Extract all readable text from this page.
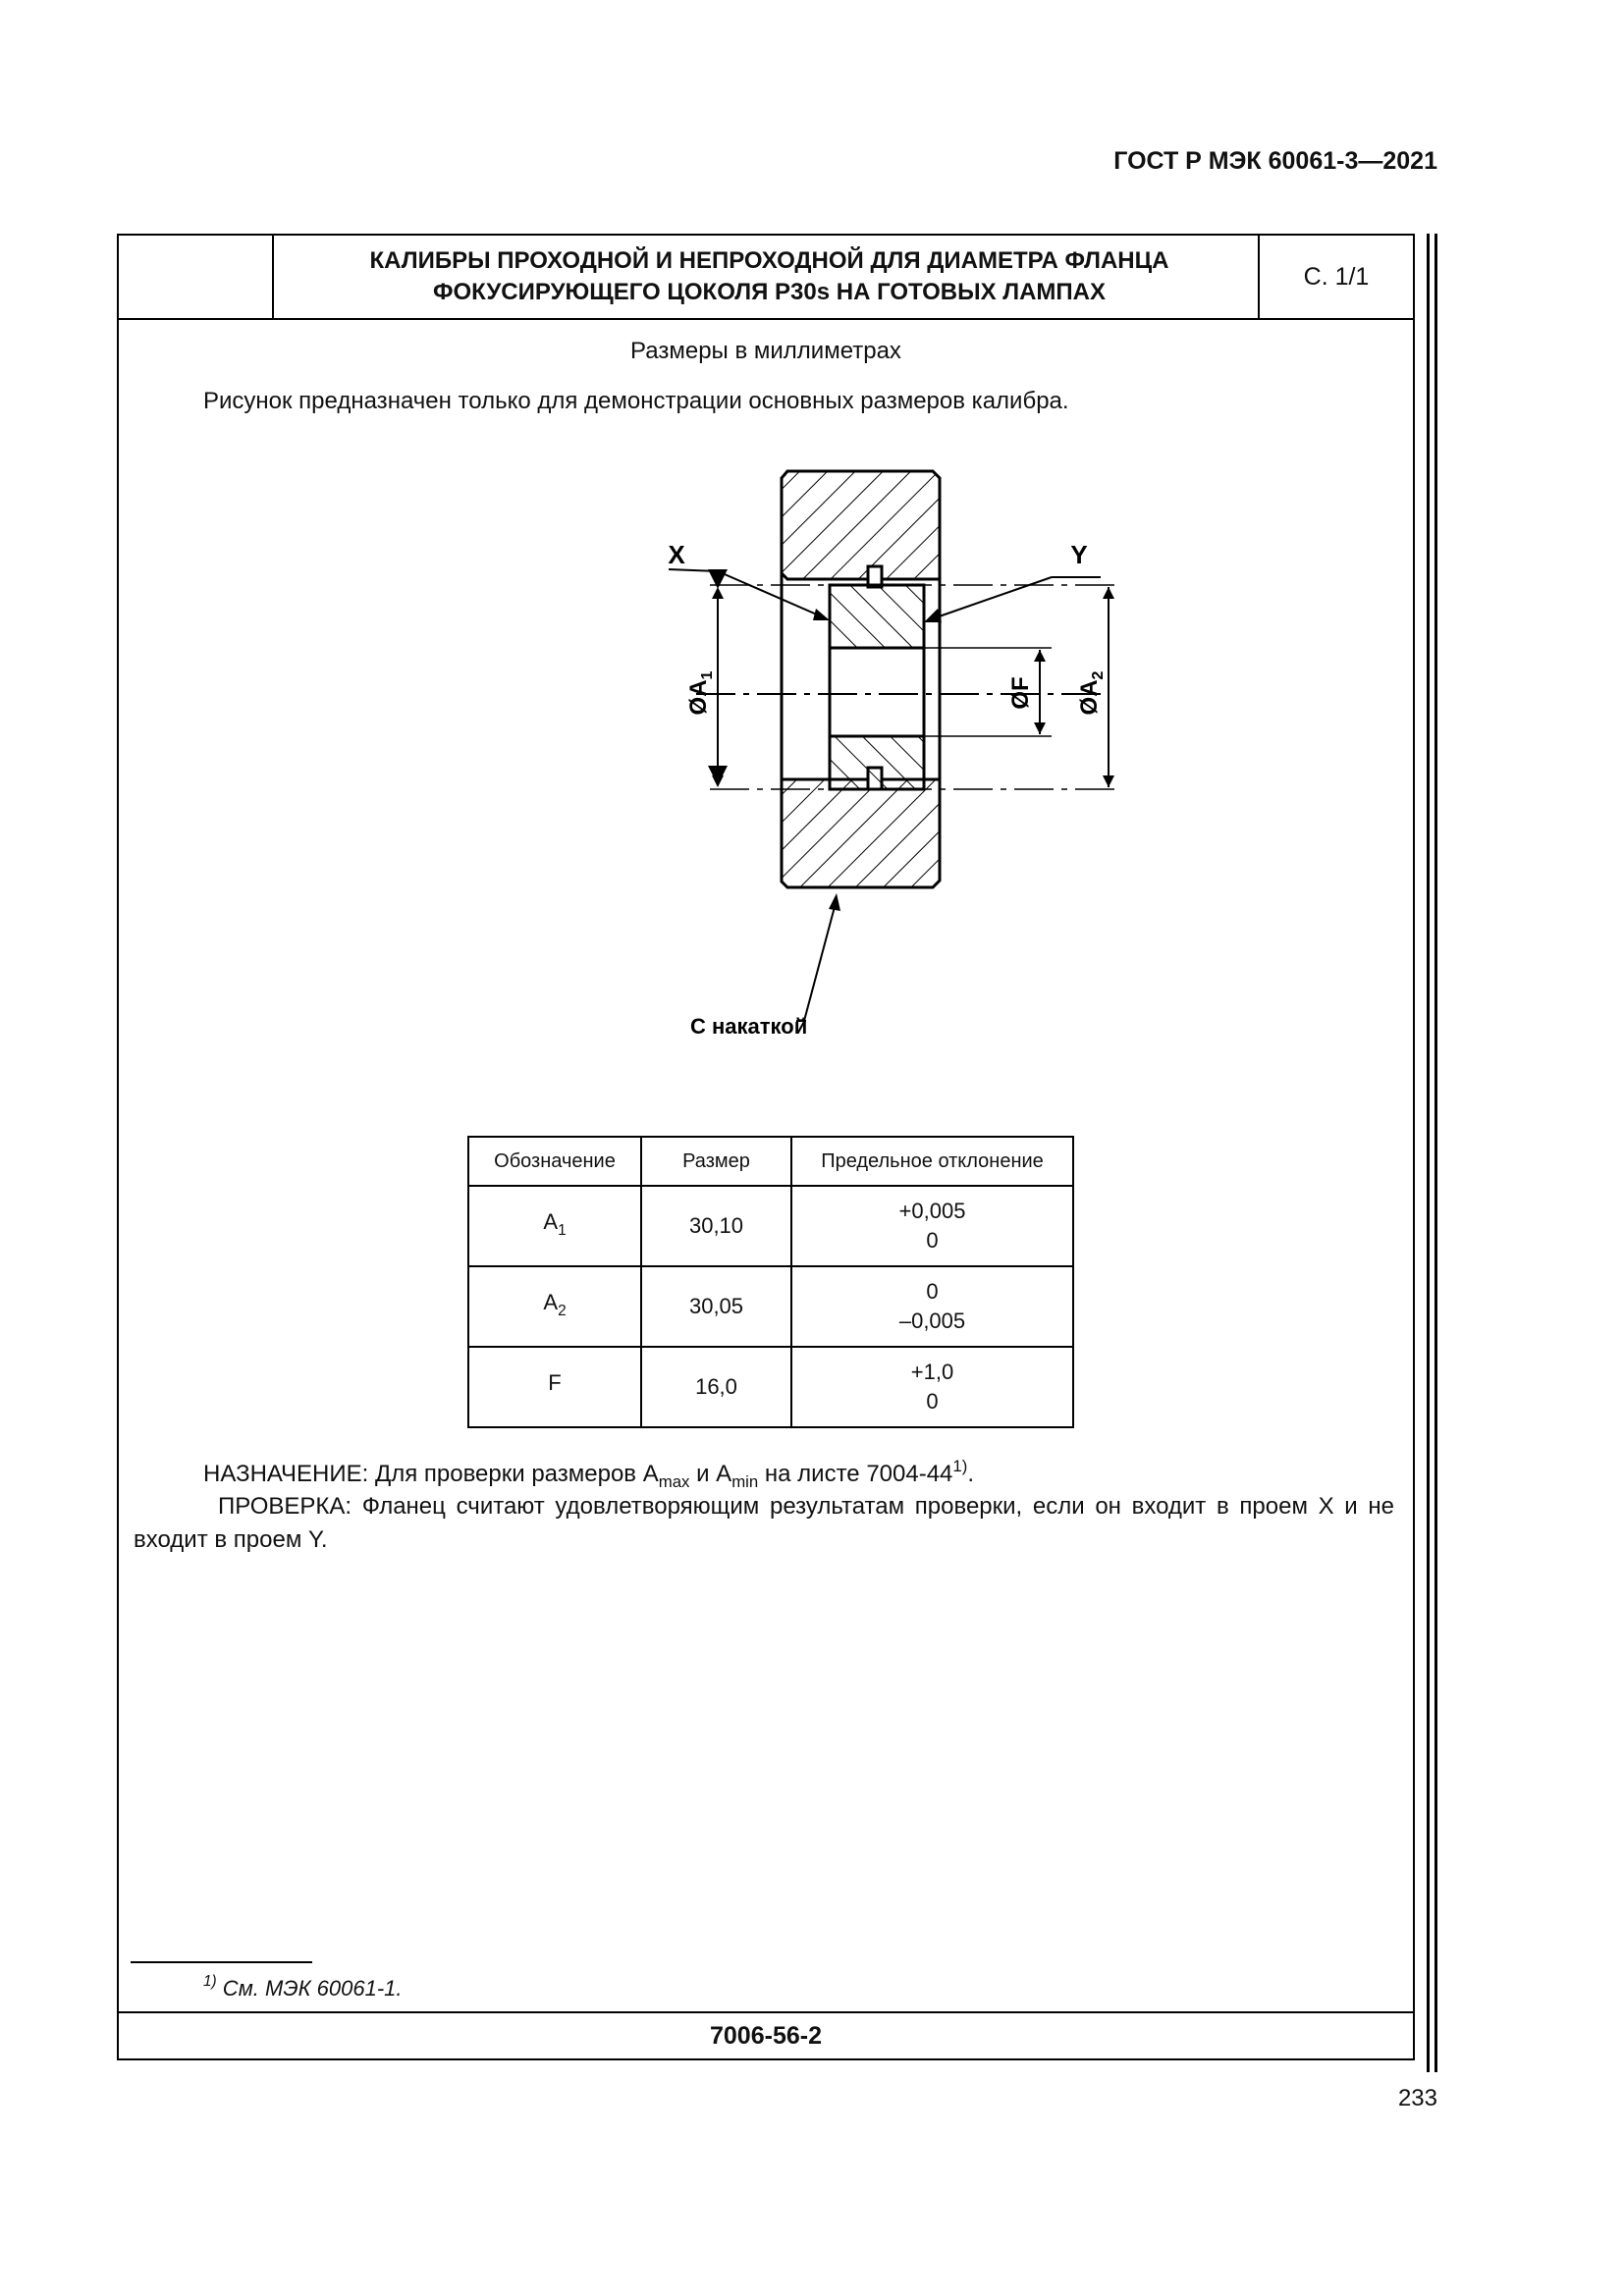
ГОСТ Р МЭК 60061-3—2021
КАЛИБРЫ ПРОХОДНОЙ И НЕПРОХОДНОЙ ДЛЯ ДИАМЕТРА ФЛАНЦА
ФОКУСИРУЮЩЕГО ЦОКОЛЯ P30s НА ГОТОВЫХ ЛАМПАХ
С. 1/1
Размеры в миллиметрах
Рисунок предназначен только для демонстрации основных размеров калибра.
X	Y
$ØA_1$
ØF $ØA_2$
С накаткой
Обозначение	Размер	Предельное отклонение
$A_1$	30,10	+0,005
0

$A_2$	30,05	0
–0,005

F	16,0	+1,0
0
НАЗНАЧЕНИЕ: Для проверки размеров $A_{max}$ и $A_{min}$ на листе 7004-44$^{1)}$.
ПРОВЕРКА: Фланец считают удовлетворяющим результатам проверки, если он входит в проем X и не входит в проем Y.
$^{1)}$ См. МЭК 60061-1.
7006-56-2
233
